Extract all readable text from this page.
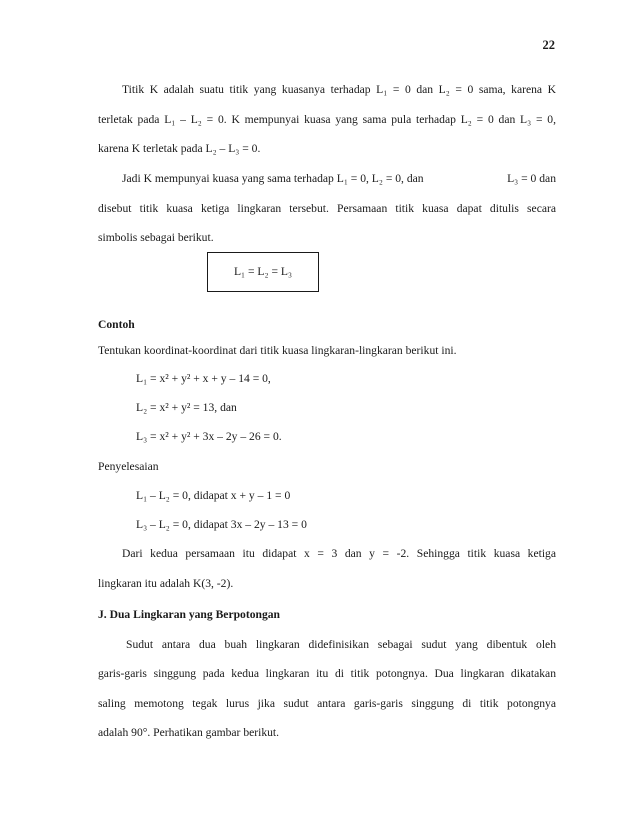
22
Titik K adalah suatu titik yang kuasanya terhadap L₁ = 0 dan L₂ = 0 sama, karena K
terletak pada L₁ – L₂ = 0. K mempunyai kuasa yang sama pula terhadap L₂ = 0 dan L₃ = 0,
karena K terletak pada L₂ – L₃ = 0.
Jadi K mempunyai kuasa yang sama terhadap L₁ = 0, L₂ = 0, dan	L₃ = 0 dan
disebut titik kuasa ketiga lingkaran tersebut. Persamaan titik kuasa dapat ditulis secara
simbolis sebagai berikut.
L₁ = L₂ = L₃
Contoh
Tentukan koordinat-koordinat dari titik kuasa lingkaran-lingkaran berikut ini.
L₁ = x² + y² + x + y – 14 = 0,
L₂ = x² + y² = 13, dan
L₃ = x² + y² + 3x – 2y – 26 = 0.
Penyelesaian
L₁ – L₂ = 0, didapat x + y – 1 = 0
L₃ – L₂ = 0, didapat 3x – 2y – 13 = 0
Dari kedua persamaan itu didapat x = 3 dan y = -2. Sehingga titik kuasa ketiga
lingkaran itu adalah K(3, -2).
J. Dua Lingkaran yang Berpotongan
Sudut antara dua buah lingkaran didefinisikan sebagai sudut yang dibentuk oleh
garis-garis singgung pada kedua lingkaran itu di titik potongnya. Dua lingkaran dikatakan
saling memotong tegak lurus jika sudut antara garis-garis singgung di titik potongnya
adalah 90°. Perhatikan gambar berikut.
